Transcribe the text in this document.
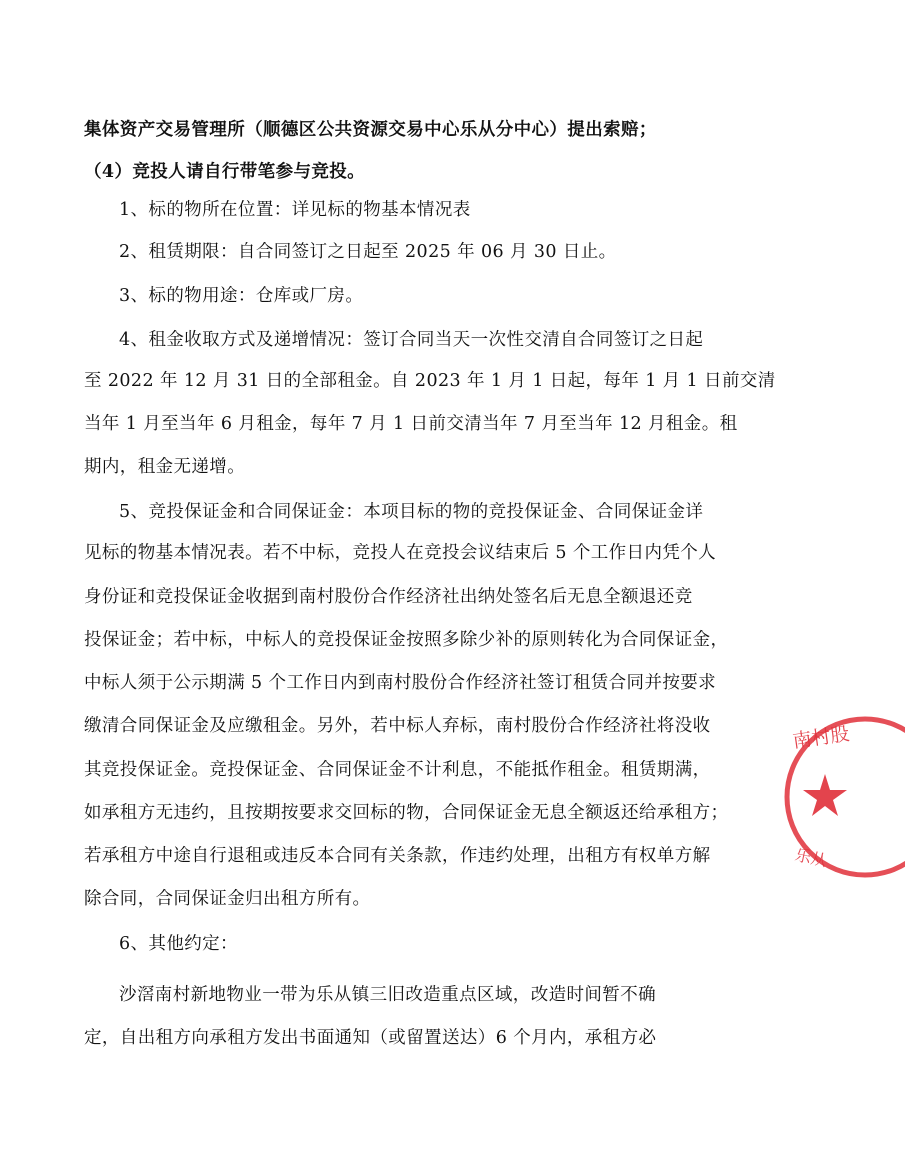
集体资产交易管理所（顺德区公共资源交易中心乐从分中心）提出索赔；
（4）竞投人请自行带笔参与竞投。
1、标的物所在位置：详见标的物基本情况表
2、租赁期限：自合同签订之日起至 2025 年 06 月 30 日止。
3、标的物用途：仓库或厂房。
4、租金收取方式及递增情况：签订合同当天一次性交清自合同签订之日起
至 2022 年 12 月 31 日的全部租金。自 2023 年 1 月 1 日起，每年 1 月 1 日前交清
当年 1 月至当年 6 月租金，每年 7 月 1 日前交清当年 7 月至当年 12 月租金。租
期内，租金无递增。
5、竞投保证金和合同保证金：本项目标的物的竞投保证金、合同保证金详
见标的物基本情况表。若不中标，竞投人在竞投会议结束后 5 个工作日内凭个人
身份证和竞投保证金收据到南村股份合作经济社出纳处签名后无息全额退还竞
投保证金；若中标，中标人的竞投保证金按照多除少补的原则转化为合同保证金，
中标人须于公示期满 5 个工作日内到南村股份合作经济社签订租赁合同并按要求
缴清合同保证金及应缴租金。另外，若中标人弃标，南村股份合作经济社将没收
其竞投保证金。竞投保证金、合同保证金不计利息，不能抵作租金。租赁期满，
如承租方无违约，且按期按要求交回标的物，合同保证金无息全额返还给承租方；
若承租方中途自行退租或违反本合同有关条款，作违约处理，出租方有权单方解
除合同，合同保证金归出租方所有。
6、其他约定：
沙滘南村新地物业一带为乐从镇三旧改造重点区域，改造时间暂不确
定，自出租方向承租方发出书面通知（或留置送达）6 个月内，承租方必
南村股
乐从
